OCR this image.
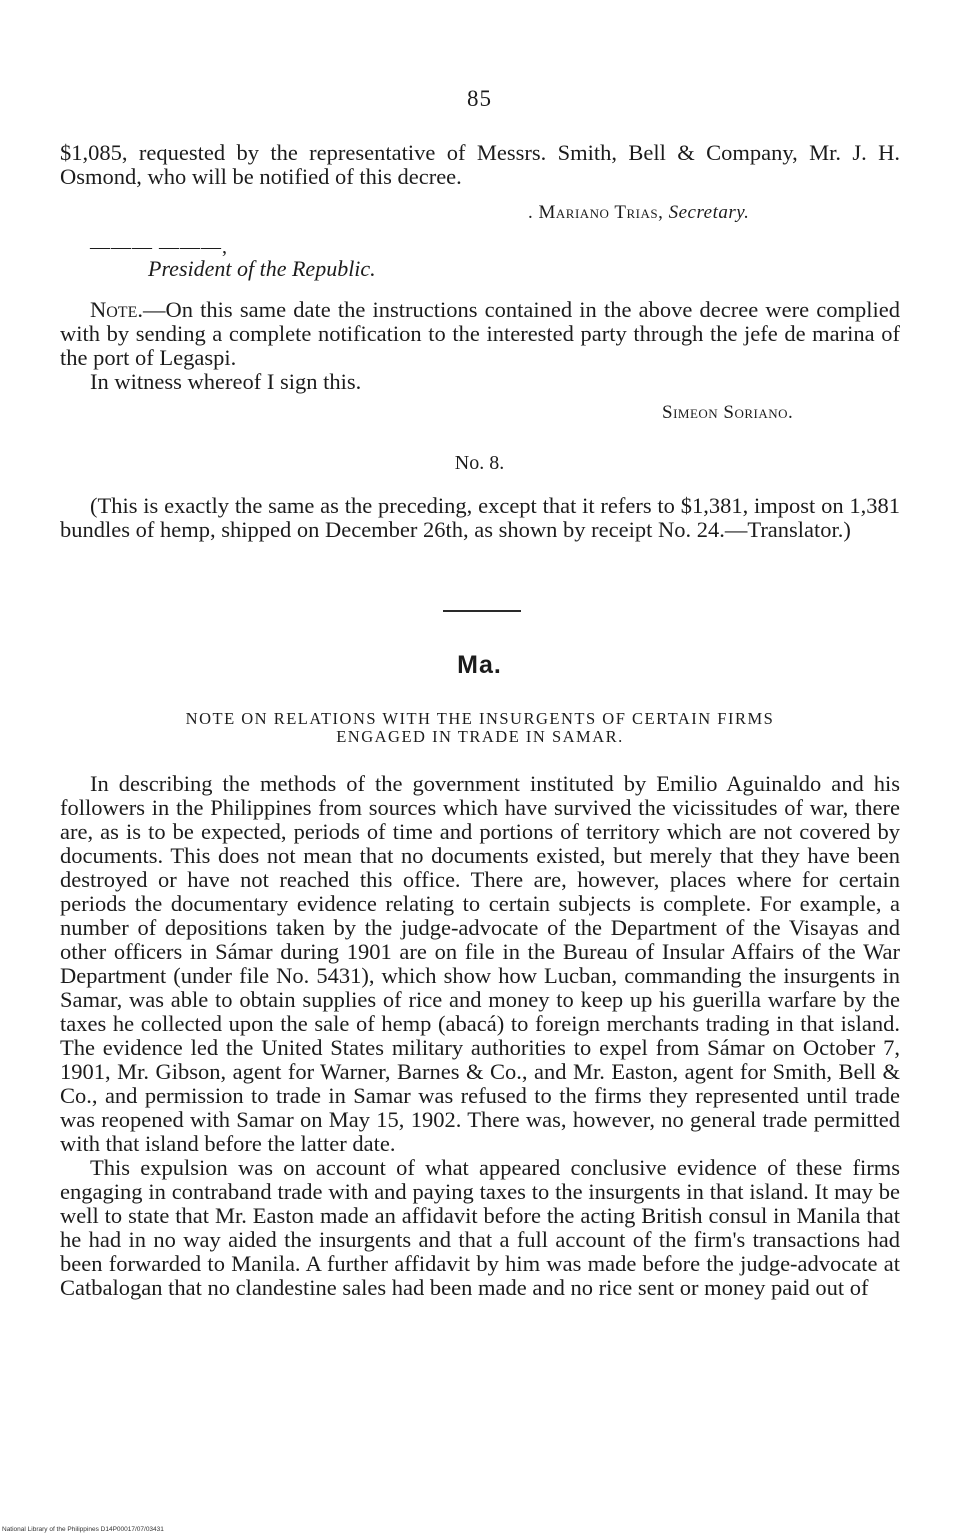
85

$1,085, requested by the representative of Messrs. Smith, Bell & Company, Mr. J. H. Osmond, who will be notified of this decree.

. Mariano Trias, Secretary.
——— ———,
President of the Republic.

Note.—On this same date the instructions contained in the above decree were complied with by sending a complete notification to the interested party through the jefe de marina of the port of Legaspi.

In witness whereof I sign this.

Simeon Soriano.
No. 8.

(This is exactly the same as the preceding, except that it refers to $1,381, impost on 1,381 bundles of hemp, shipped on December 26th, as shown by receipt No. 24.—Translator.)

Ma.
NOTE ON RELATIONS WITH THE INSURGENTS OF CERTAIN FIRMS
ENGAGED IN TRADE IN SAMAR.

In describing the methods of the government instituted by Emilio Aguinaldo and his followers in the Philippines from sources which have survived the vicissitudes of war, there are, as is to be expected, periods of time and portions of territory which are not covered by documents. This does not mean that no documents existed, but merely that they have been destroyed or have not reached this office. There are, however, places where for certain periods the documentary evidence relating to certain subjects is complete. For example, a number of depositions taken by the judge-advocate of the Department of the Visayas and other officers in Sámar during 1901 are on file in the Bureau of Insular Affairs of the War Department (under file No. 5431), which show how Lucban, commanding the insurgents in Samar, was able to obtain supplies of rice and money to keep up his guerilla warfare by the taxes he collected upon the sale of hemp (abacá) to foreign merchants trading in that island. The evidence led the United States military authorities to expel from Sámar on October 7, 1901, Mr. Gibson, agent for Warner, Barnes & Co., and Mr. Easton, agent for Smith, Bell & Co., and permission to trade in Samar was refused to the firms they represented until trade was reopened with Samar on May 15, 1902. There was, however, no general trade permitted with that island before the latter date.

This expulsion was on account of what appeared conclusive evidence of these firms engaging in contraband trade with and paying taxes to the insurgents in that island. It may be well to state that Mr. Easton made an affidavit before the acting British consul in Manila that he had in no way aided the insurgents and that a full account of the firm's transactions had been forwarded to Manila. A further affidavit by him was made before the judge-advocate at Catbalogan that no clandestine sales had been made and no rice sent or money paid out of

National Library of the Philippines D14P00017/07/03431
